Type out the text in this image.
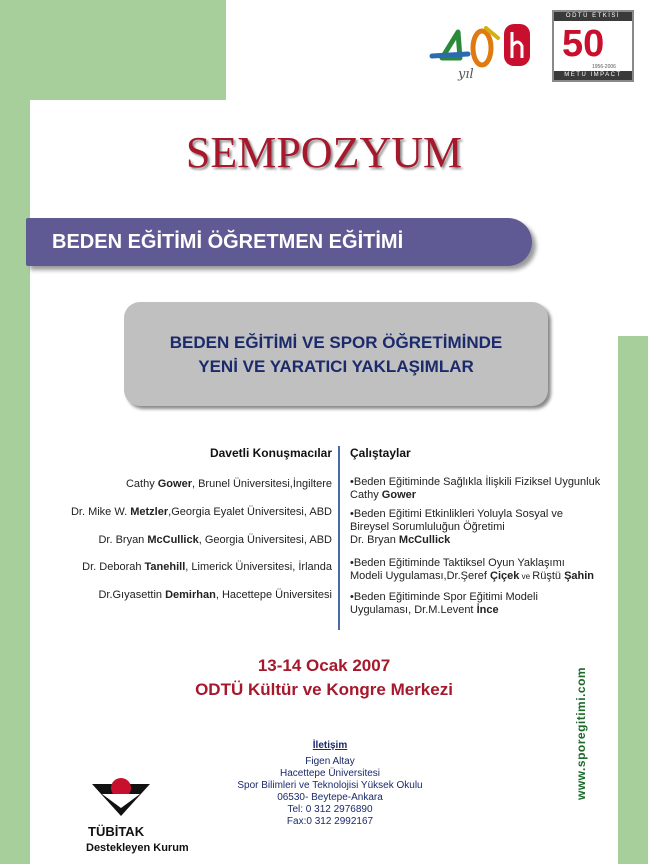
yıl
ODTÜ ETKİSİ
50
1956-2006
METU IMPACT
SEMPOZYUM
BEDEN EĞİTİMİ ÖĞRETMEN EĞİTİMİ
BEDEN EĞİTİMİ VE SPOR ÖĞRETİMİNDE
YENİ VE YARATICI YAKLAŞIMLAR
Davetli Konuşmacılar
Cathy Gower, Brunel Üniversitesi,İngiltere
Dr. Mike W. Metzler,Georgia Eyalet Üniversitesi, ABD
Dr. Bryan McCullick, Georgia Üniversitesi, ABD
Dr. Deborah Tanehill, Limerick Üniversitesi, İrlanda
Dr.Gıyasettin Demirhan, Hacettepe Üniversitesi
Çalıştaylar
•Beden Eğitiminde Sağlıkla İlişkili Fiziksel Uygunluk
Cathy Gower
•Beden Eğitimi Etkinlikleri Yoluyla Sosyal ve
Bireysel Sorumluluğun Öğretimi
Dr. Bryan McCullick
•Beden Eğitiminde Taktiksel Oyun Yaklaşımı
Modeli Uygulaması,Dr.Şeref Çiçek ve Rüştü Şahin
•Beden Eğitiminde Spor Eğitimi Modeli
Uygulaması, Dr.M.Levent İnce
13-14 Ocak 2007
ODTÜ Kültür ve Kongre Merkezi	www.sporegitimi.com
İletişim
Figen Altay
Hacettepe Üniversitesi
Spor Bilimleri ve Teknolojisi Yüksek Okulu
06530- Beytepe-Ankara
Tel: 0 312 2976890
Fax:0 312 2992167
TÜBİTAK
Destekleyen Kurum
